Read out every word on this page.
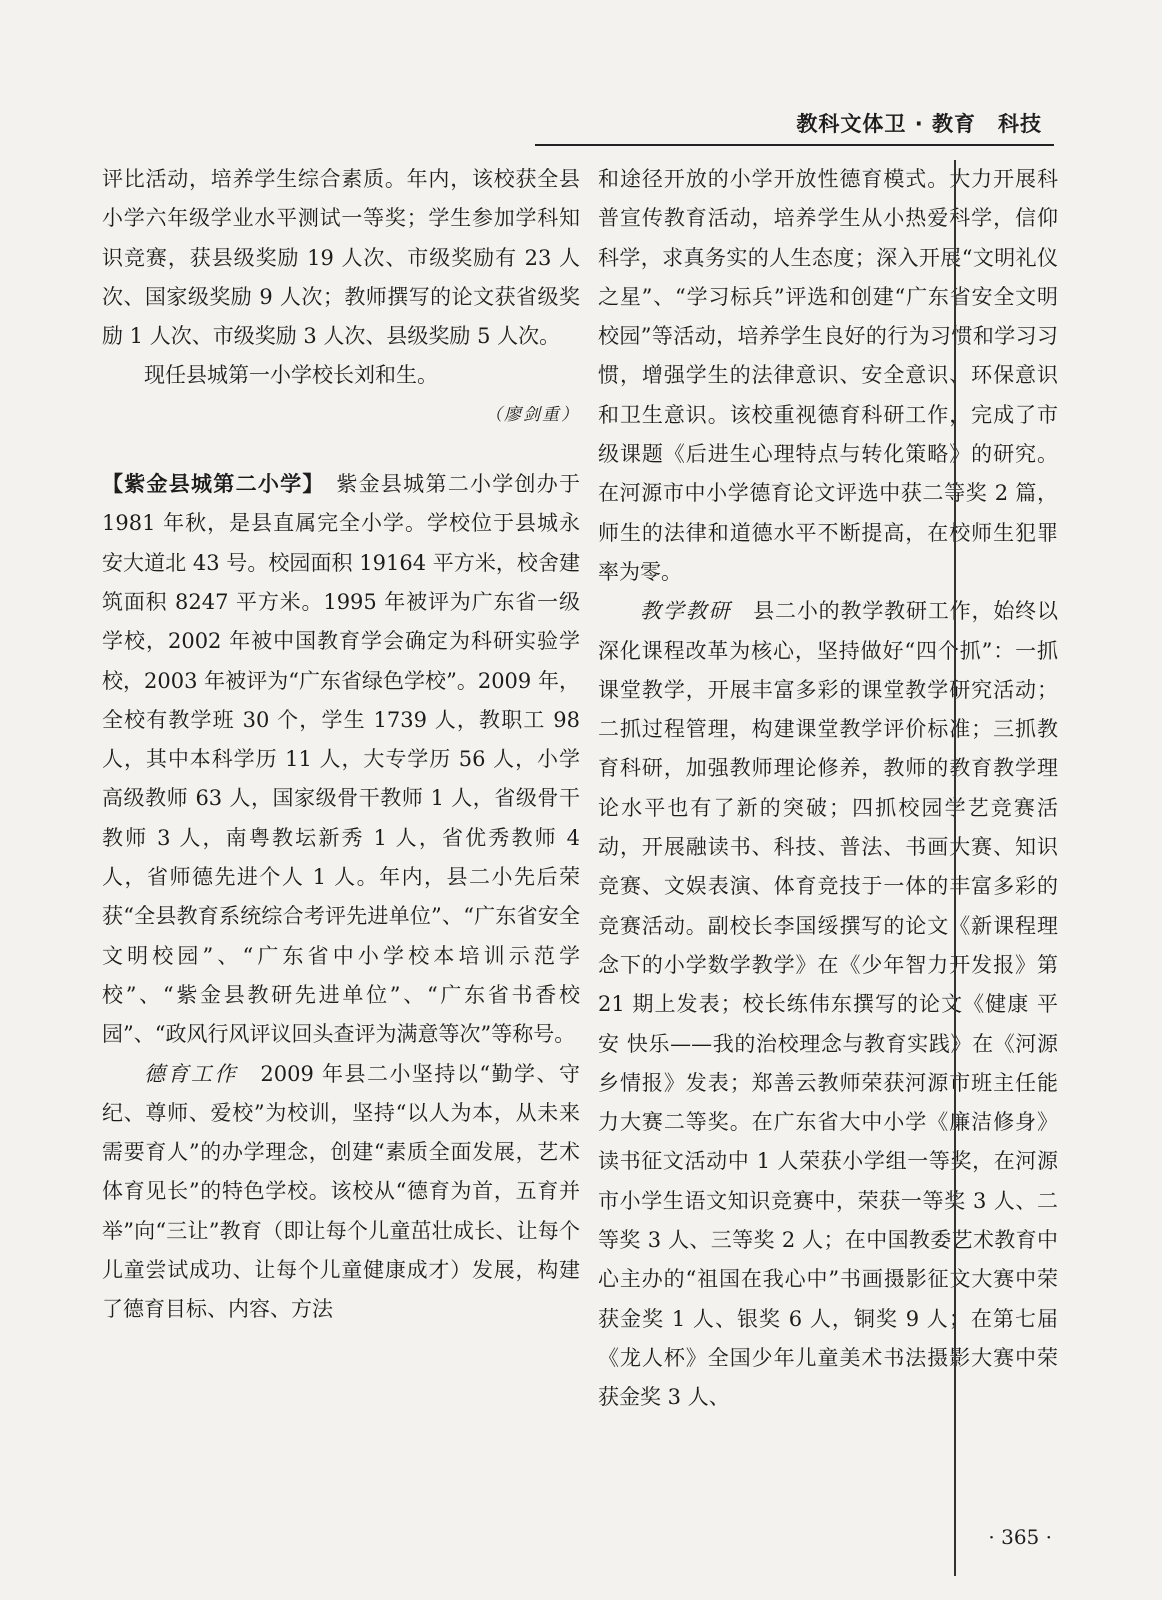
教科文体卫 · 教育　科技

评比活动，培养学生综合素质。年内，该校获全县小学六年级学业水平测试一等奖；学生参加学科知识竞赛，获县级奖励 19 人次、市级奖励有 23 人次、国家级奖励 9 人次；教师撰写的论文获省级奖励 1 人次、市级奖励 3 人次、县级奖励 5 人次。

现任县城第一小学校长刘和生。

（廖剑重）

【紫金县城第二小学】　 紫金县城第二小学创办于 1981 年秋，是县直属完全小学。学校位于县城永安大道北 43 号。校园面积 19164 平方米，校舍建筑面积 8247 平方米。1995 年被评为广东省一级学校，2002 年被中国教育学会确定为科研实验学校，2003 年被评为“广东省绿色学校”。2009 年，全校有教学班 30 个，学生 1739 人，教职工 98 人，其中本科学历 11 人，大专学历 56 人，小学高级教师 63 人，国家级骨干教师 1 人，省级骨干教师 3 人，南粤教坛新秀 1 人，省优秀教师 4 人，省师德先进个人 1 人。年内，县二小先后荣获“全县教育系统综合考评先进单位”、“广东省安全文明校园”、“广东省中小学校本培训示范学校”、“紫金县教研先进单位”、“广东省书香校园”、“政风行风评议回头查评为满意等次”等称号。

德育工作　 2009 年县二小坚持以“勤学、守纪、尊师、爱校”为校训，坚持“以人为本，从未来需要育人”的办学理念，创建“素质全面发展，艺术体育见长”的特色学校。该校从“德育为首，五育并举”向“三让”教育（即让每个儿童茁壮成长、让每个儿童尝试成功、让每个儿童健康成才）发展，构建了德育目标、内容、方法

和途径开放的小学开放性德育模式。大力开展科普宣传教育活动，培养学生从小热爱科学，信仰科学，求真务实的人生态度；深入开展“文明礼仪之星”、“学习标兵”评选和创建“广东省安全文明校园”等活动，培养学生良好的行为习惯和学习习惯，增强学生的法律意识、安全意识、环保意识和卫生意识。该校重视德育科研工作，完成了市级课题《后进生心理特点与转化策略》的研究。在河源市中小学德育论文评选中获二等奖 2 篇，师生的法律和道德水平不断提高，在校师生犯罪率为零。

教学教研　 县二小的教学教研工作，始终以深化课程改革为核心，坚持做好“四个抓”：一抓课堂教学，开展丰富多彩的课堂教学研究活动；二抓过程管理，构建课堂教学评价标准；三抓教育科研，加强教师理论修养，教师的教育教学理论水平也有了新的突破；四抓校园学艺竞赛活动，开展融读书、科技、普法、书画大赛、知识竞赛、文娱表演、体育竞技于一体的丰富多彩的竞赛活动。副校长李国绥撰写的论文《新课程理念下的小学数学教学》在《少年智力开发报》第 21 期上发表；校长练伟东撰写的论文《健康 平安 快乐——我的治校理念与教育实践》在《河源乡情报》发表；郑善云教师荣获河源市班主任能力大赛二等奖。在广东省大中小学《廉洁修身》读书征文活动中 1 人荣获小学组一等奖，在河源市小学生语文知识竞赛中，荣获一等奖 3 人、二等奖 3 人、三等奖 2 人；在中国教委艺术教育中心主办的“祖国在我心中”书画摄影征文大赛中荣获金奖 1 人、银奖 6 人，铜奖 9 人；在第七届《龙人杯》全国少年儿童美术书法摄影大赛中荣获金奖 3 人、

· 365 ·
